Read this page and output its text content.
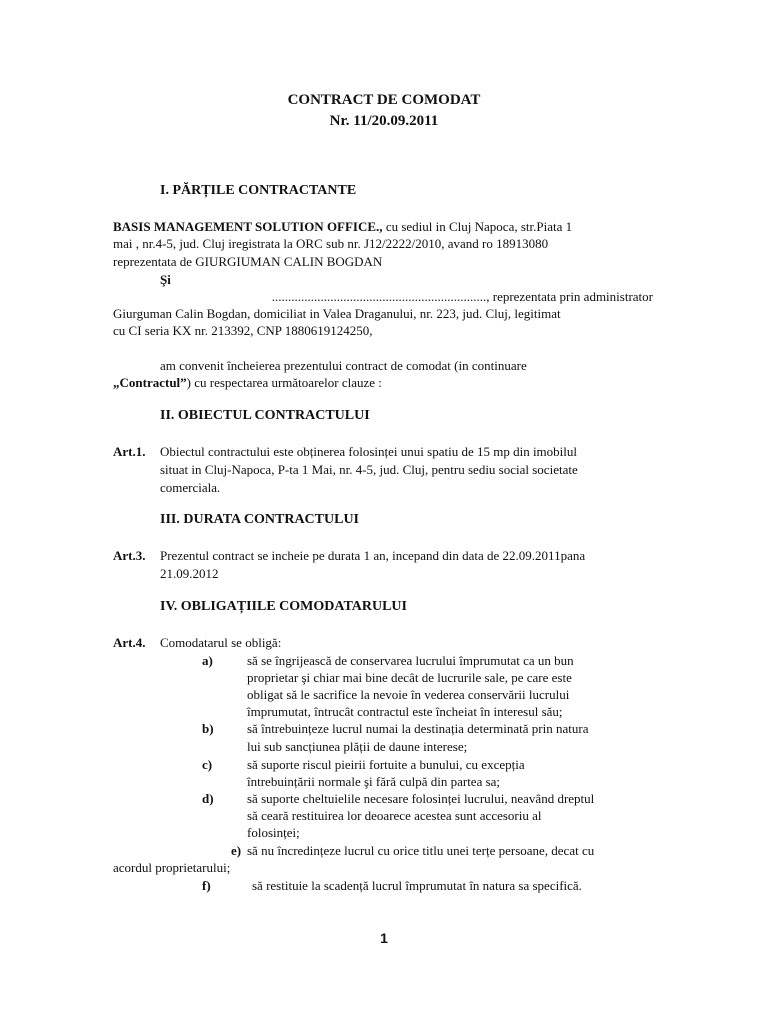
CONTRACT DE COMODAT
Nr. 11/20.09.2011
I. PĂRȚILE CONTRACTANTE

BASIS MANAGEMENT SOLUTION OFFICE., cu sediul in Cluj Napoca, str.Piata 1

mai , nr.4-5, jud. Cluj iregistrata la ORC sub nr. J12/2222/2010, avand ro 18913080

reprezentata de GIURGIUMAN CALIN BOGDAN

Şi

.................................................................., reprezentata prin administrator

Giurguman Calin Bogdan, domiciliat in Valea Draganului, nr. 223, jud. Cluj, legitimat

cu CI seria KX nr. 213392, CNP 1880619124250,

am convenit încheierea prezentului contract de comodat (in continuare

„Contractul”) cu respectarea următoarelor clauze :

II. OBIECTUL CONTRACTULUI
Art.1. Obiectul contractului este obținerea folosinței unui spatiu de 15 mp din imobilul

situat in Cluj-Napoca, P-ta 1 Mai, nr. 4-5, jud. Cluj, pentru sediu social societate

comerciala.

III. DURATA CONTRACTULUI
Art.3. Prezentul contract se incheie pe durata 1 an, incepand din data de 22.09.2011pana

21.09.2012

IV. OBLIGAȚIILE COMODATARULUI
Art.4. Comodatarul se obligă:

a)	să se îngrijească de conservarea lucrului împrumutat ca un bun

proprietar şi chiar mai bine decât de lucrurile sale, pe care este

obligat să le sacrifice la nevoie în vederea conservării lucrului

împrumutat, întrucât contractul este încheiat în interesul său;

b)	să întrebuințeze lucrul numai la destinația determinată prin natura

lui sub sancțiunea plății de daune interese;

c)	să suporte riscul pieirii fortuite a bunului, cu excepția

întrebuințării normale şi fără culpă din partea sa;

d)	să suporte cheltuielile necesare folosinței lucrului, neavând dreptul

să ceară restituirea lor deoarece acestea sunt accesoriu al

folosinței;

e) să nu încredințeze lucrul cu orice titlu unei terțe persoane, decat cu

acordul proprietarului;

f)	să restituie la scadență lucrul împrumutat în natura sa specifică.

1
